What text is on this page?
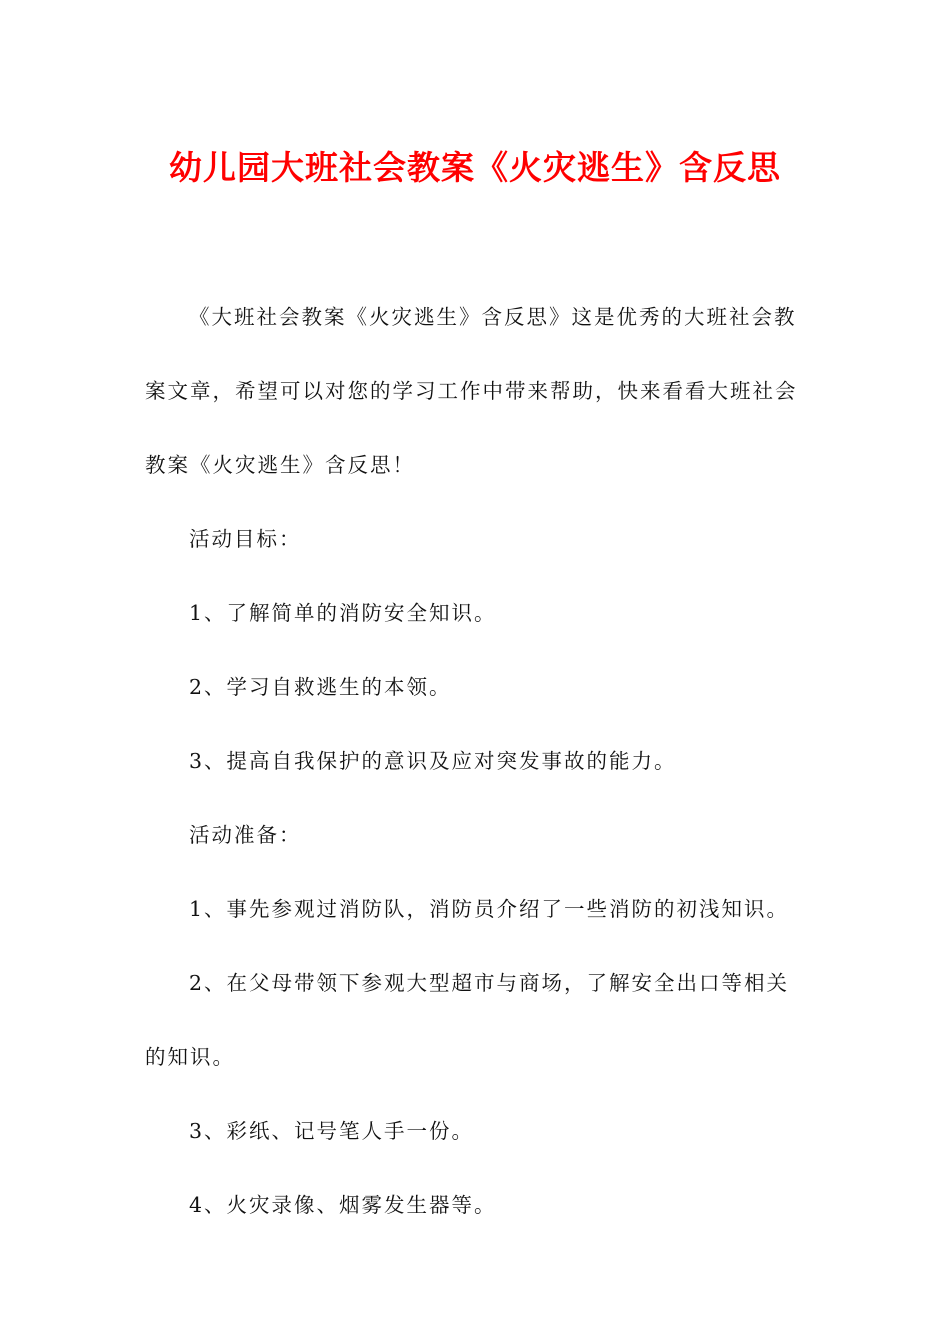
幼儿园大班社会教案《火灾逃生》含反思

《大班社会教案《火灾逃生》含反思》这是优秀的大班社会教案文章，希望可以对您的学习工作中带来帮助，快来看看大班社会教案《火灾逃生》含反思！

活动目标：

1、了解简单的消防安全知识。

2、学习自救逃生的本领。

3、提高自我保护的意识及应对突发事故的能力。

活动准备：

1、事先参观过消防队，消防员介绍了一些消防的初浅知识。

2、在父母带领下参观大型超市与商场，了解安全出口等相关的知识。

3、彩纸、记号笔人手一份。

4、火灾录像、烟雾发生器等。
